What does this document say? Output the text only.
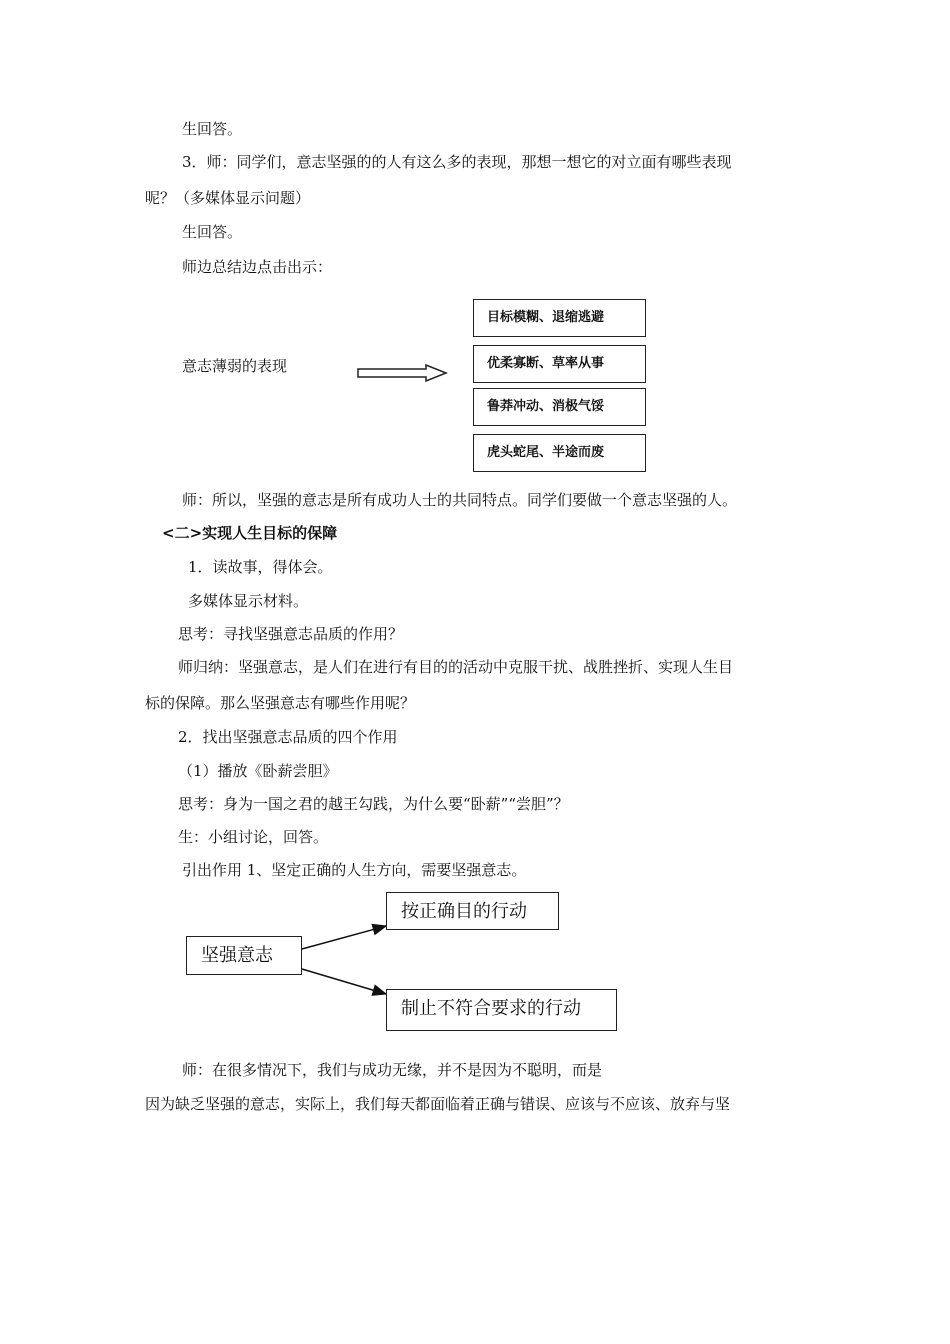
生回答。
3．师：同学们，意志坚强的的人有这么多的表现，那想一想它的对立面有哪些表现
呢？（多媒体显示问题）
生回答。
师边总结边点击出示：
意志薄弱的表现
目标模糊、退缩逃避
优柔寡断、草率从事
鲁莽冲动、消极气馁
虎头蛇尾、半途而废
师：所以，坚强的意志是所有成功人士的共同特点。同学们要做一个意志坚强的人。
<二>实现人生目标的保障
1．读故事，得体会。
多媒体显示材料。
思考：寻找坚强意志品质的作用？
师归纳：坚强意志，是人们在进行有目的的活动中克服干扰、战胜挫折、实现人生目
标的保障。那么坚强意志有哪些作用呢？
2．找出坚强意志品质的四个作用
（1）播放《卧薪尝胆》
思考：身为一国之君的越王勾践，为什么要“卧薪”“尝胆”？
生：小组讨论，回答。
引出作用 1、坚定正确的人生方向，需要坚强意志。
坚强意志
按正确目的行动
制止不符合要求的行动
师：在很多情况下，我们与成功无缘，并不是因为不聪明，而是
因为缺乏坚强的意志，实际上，我们每天都面临着正确与错误、应该与不应该、放弃与坚
